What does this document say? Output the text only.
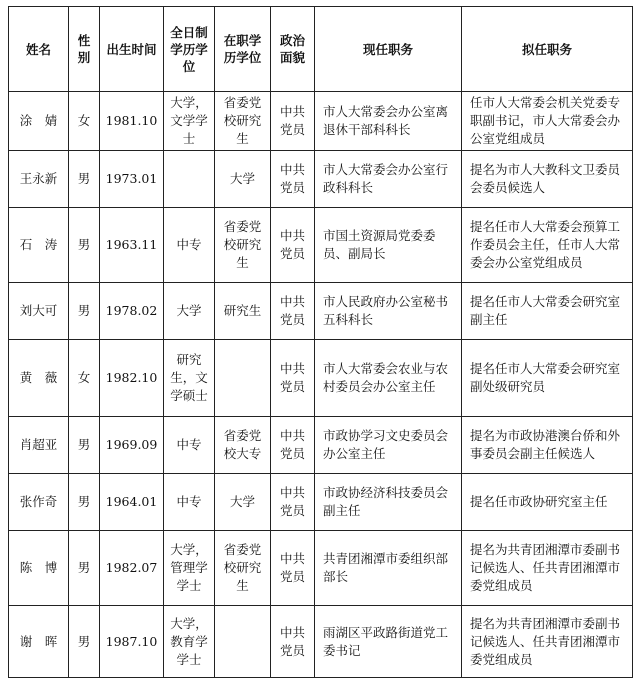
姓名	性别	出生时间	全日制学历学位	在职学历学位	政治面貌	现任职务	拟任职务
涂　婧	女	1981.10	大学，文学学士	省委党校研究生	中共党员	市人大常委会办公室离退休干部科科长	任市人大常委会机关党委专职副书记，市人大常委会办公室党组成员
王永新	男	1973.01		大学	中共党员	市人大常委会办公室行政科科长	提名为市人大教科文卫委员会委员候选人
石　涛	男	1963.11	中专	省委党校研究生	中共党员	市国土资源局党委委员、副局长	提名任市人大常委会预算工作委员会主任，任市人大常委会办公室党组成员
刘大可	男	1978.02	大学	研究生	中共党员	市人民政府办公室秘书五科科长	提名任市人大常委会研究室副主任
黄　薇	女	1982.10	研究生，文学硕士		中共党员	市人大常委会农业与农村委员会办公室主任	提名任市人大常委会研究室副处级研究员
肖超亚	男	1969.09	中专	省委党校大专	中共党员	市政协学习文史委员会办公室主任	提名为市政协港澳台侨和外事委员会副主任候选人
张作奇	男	1964.01	中专	大学	中共党员	市政协经济科技委员会副主任	提名任市政协研究室主任
陈　博	男	1982.07	大学，管理学学士	省委党校研究生	中共党员	共青团湘潭市委组织部部长	提名为共青团湘潭市委副书记候选人、任共青团湘潭市委党组成员
谢　晖	男	1987.10	大学，教育学学士		中共党员	雨湖区平政路街道党工委书记	提名为共青团湘潭市委副书记候选人、任共青团湘潭市委党组成员
